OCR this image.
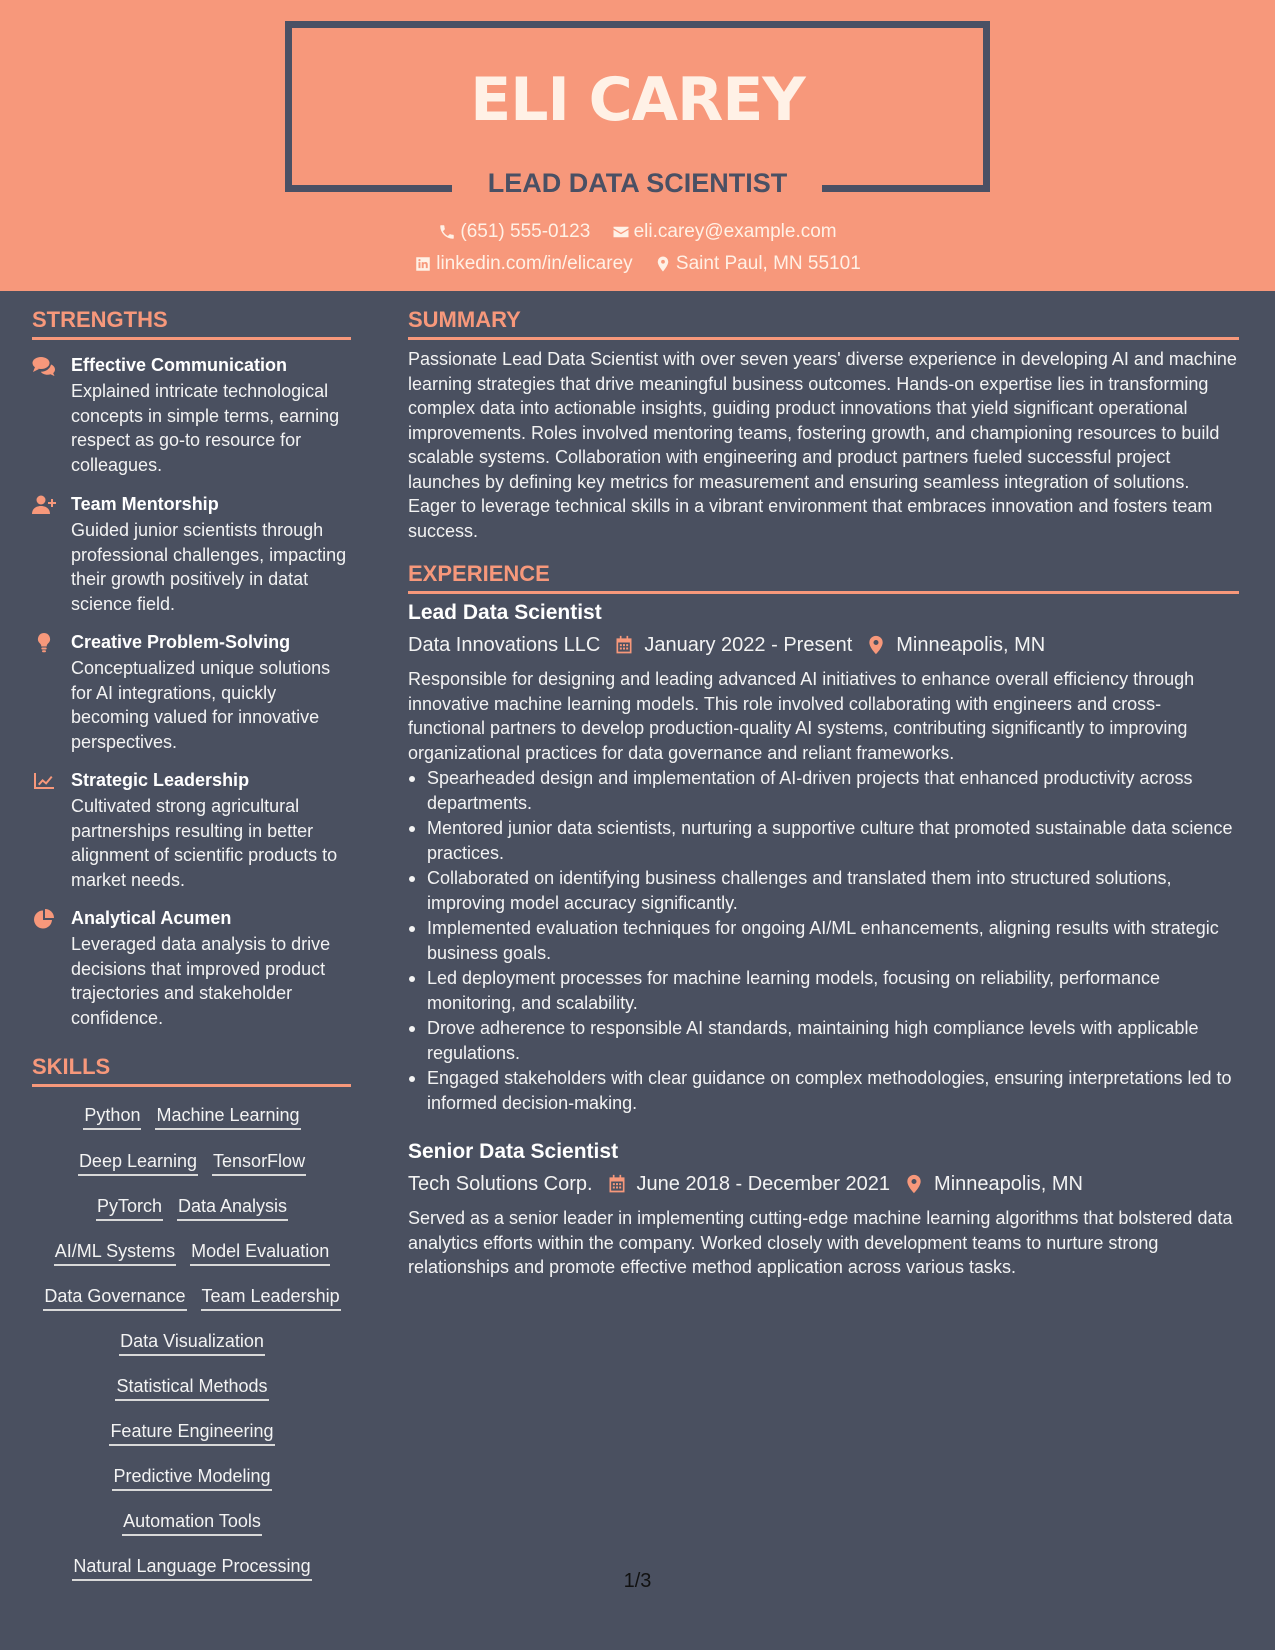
ELI CAREY
LEAD DATA SCIENTIST
(651) 555-0123
eli.carey@example.com
linkedin.com/in/elicarey
Saint Paul, MN 55101
STRENGTHS
Effective Communication
Explained intricate technological concepts in simple terms, earning respect as go-to resource for colleagues.
Team Mentorship
Guided junior scientists through professional challenges, impacting their growth positively in datat science field.
Creative Problem-Solving
Conceptualized unique solutions for AI integrations, quickly becoming valued for innovative perspectives.
Strategic Leadership
Cultivated strong agricultural partnerships resulting in better alignment of scientific products to market needs.
Analytical Acumen
Leveraged data analysis to drive decisions that improved product trajectories and stakeholder confidence.
SKILLS
Python Machine Learning
Deep Learning TensorFlow
PyTorch Data Analysis
AI/ML Systems Model Evaluation
Data Governance Team Leadership
Data Visualization
Statistical Methods
Feature Engineering
Predictive Modeling
Automation Tools
Natural Language Processing
SUMMARY
Passionate Lead Data Scientist with over seven years' diverse experience in developing AI and machine learning strategies that drive meaningful business outcomes. Hands-on expertise lies in transforming complex data into actionable insights, guiding product innovations that yield significant operational improvements. Roles involved mentoring teams, fostering growth, and championing resources to build scalable systems. Collaboration with engineering and product partners fueled successful project launches by defining key metrics for measurement and ensuring seamless integration of solutions. Eager to leverage technical skills in a vibrant environment that embraces innovation and fosters team success.
EXPERIENCE
Lead Data Scientist
Data Innovations LLC January 2022 - Present Minneapolis, MN
Responsible for designing and leading advanced AI initiatives to enhance overall efficiency through innovative machine learning models. This role involved collaborating with engineers and cross-functional partners to develop production-quality AI systems, contributing significantly to improving organizational practices for data governance and reliant frameworks.
Spearheaded design and implementation of AI-driven projects that enhanced productivity across departments.
Mentored junior data scientists, nurturing a supportive culture that promoted sustainable data science practices.
Collaborated on identifying business challenges and translated them into structured solutions, improving model accuracy significantly.
Implemented evaluation techniques for ongoing AI/ML enhancements, aligning results with strategic business goals.
Led deployment processes for machine learning models, focusing on reliability, performance monitoring, and scalability.
Drove adherence to responsible AI standards, maintaining high compliance levels with applicable regulations.
Engaged stakeholders with clear guidance on complex methodologies, ensuring interpretations led to informed decision-making.
Senior Data Scientist
Tech Solutions Corp. June 2018 - December 2021 Minneapolis, MN
Served as a senior leader in implementing cutting-edge machine learning algorithms that bolstered data analytics efforts within the company. Worked closely with development teams to nurture strong relationships and promote effective method application across various tasks.
1/3
